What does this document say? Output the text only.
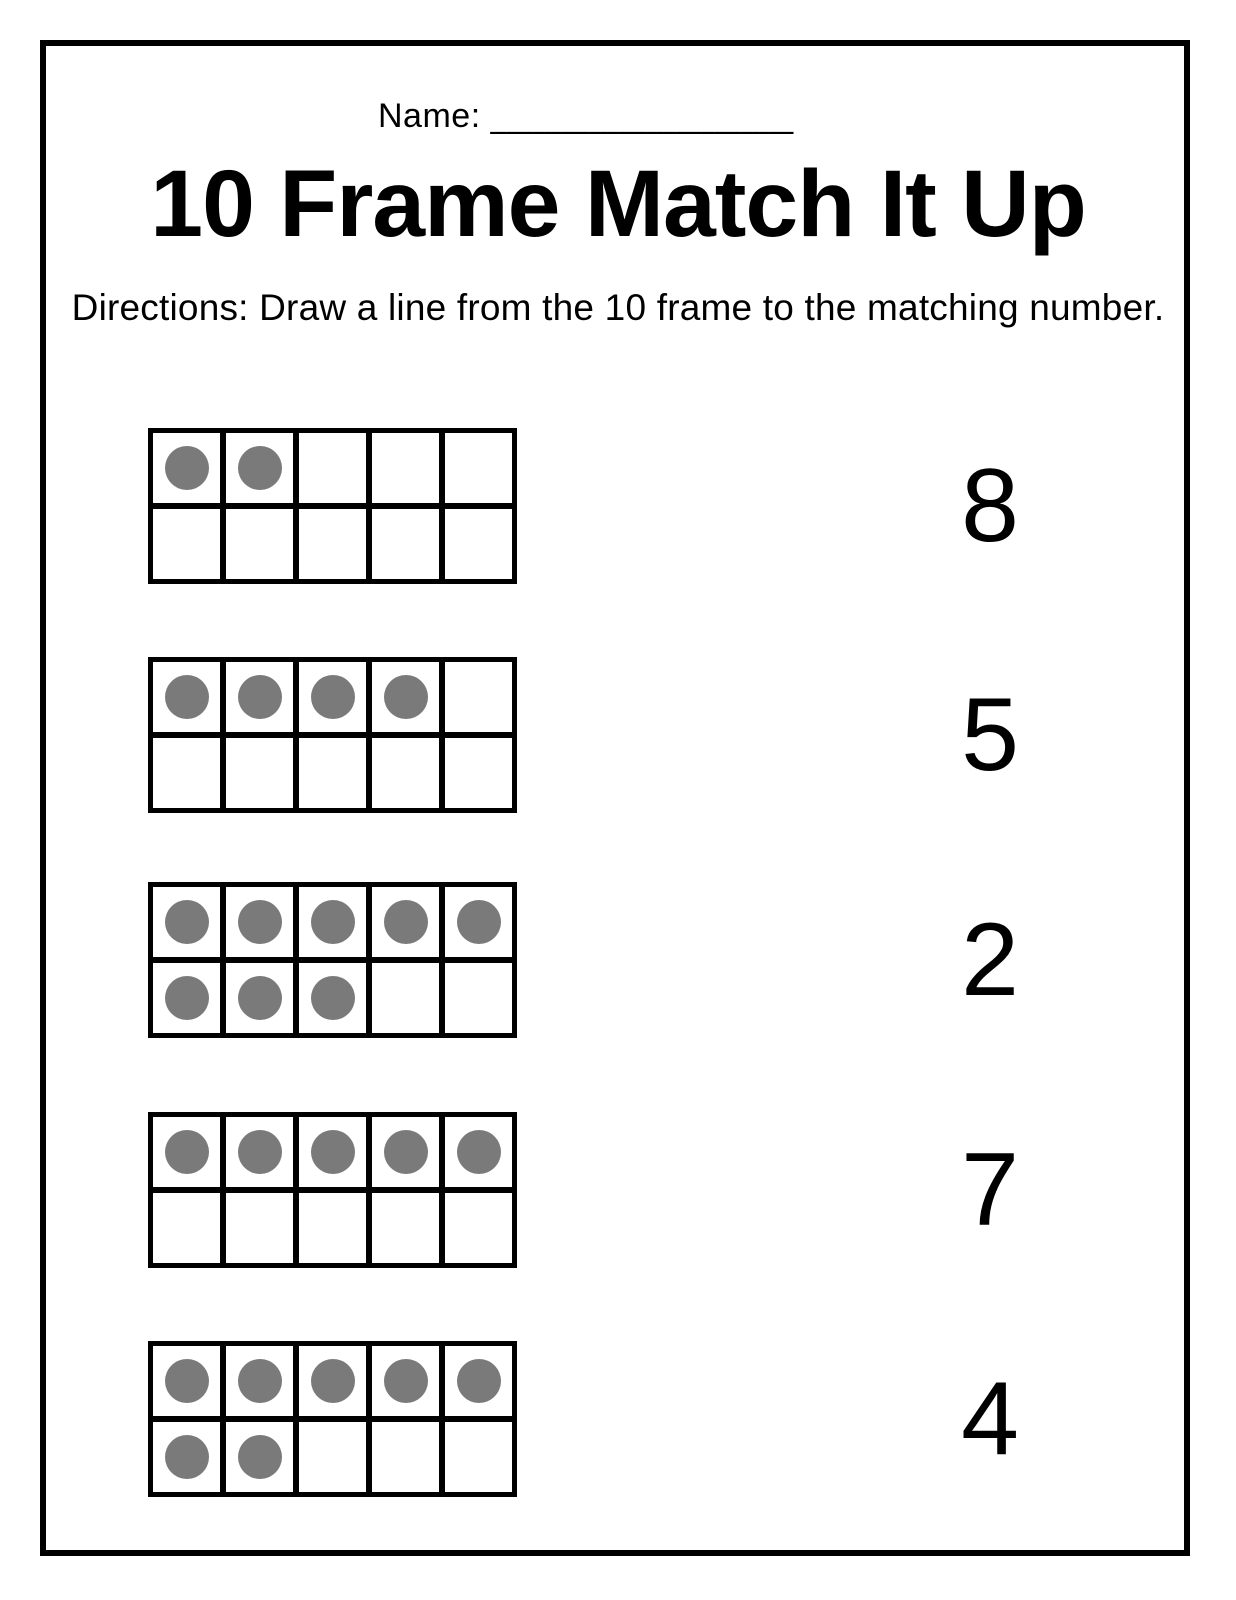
Name: ________________
10 Frame Match It Up
Directions: Draw a line from the 10 frame to the matching number.
8
5
2
7
4
